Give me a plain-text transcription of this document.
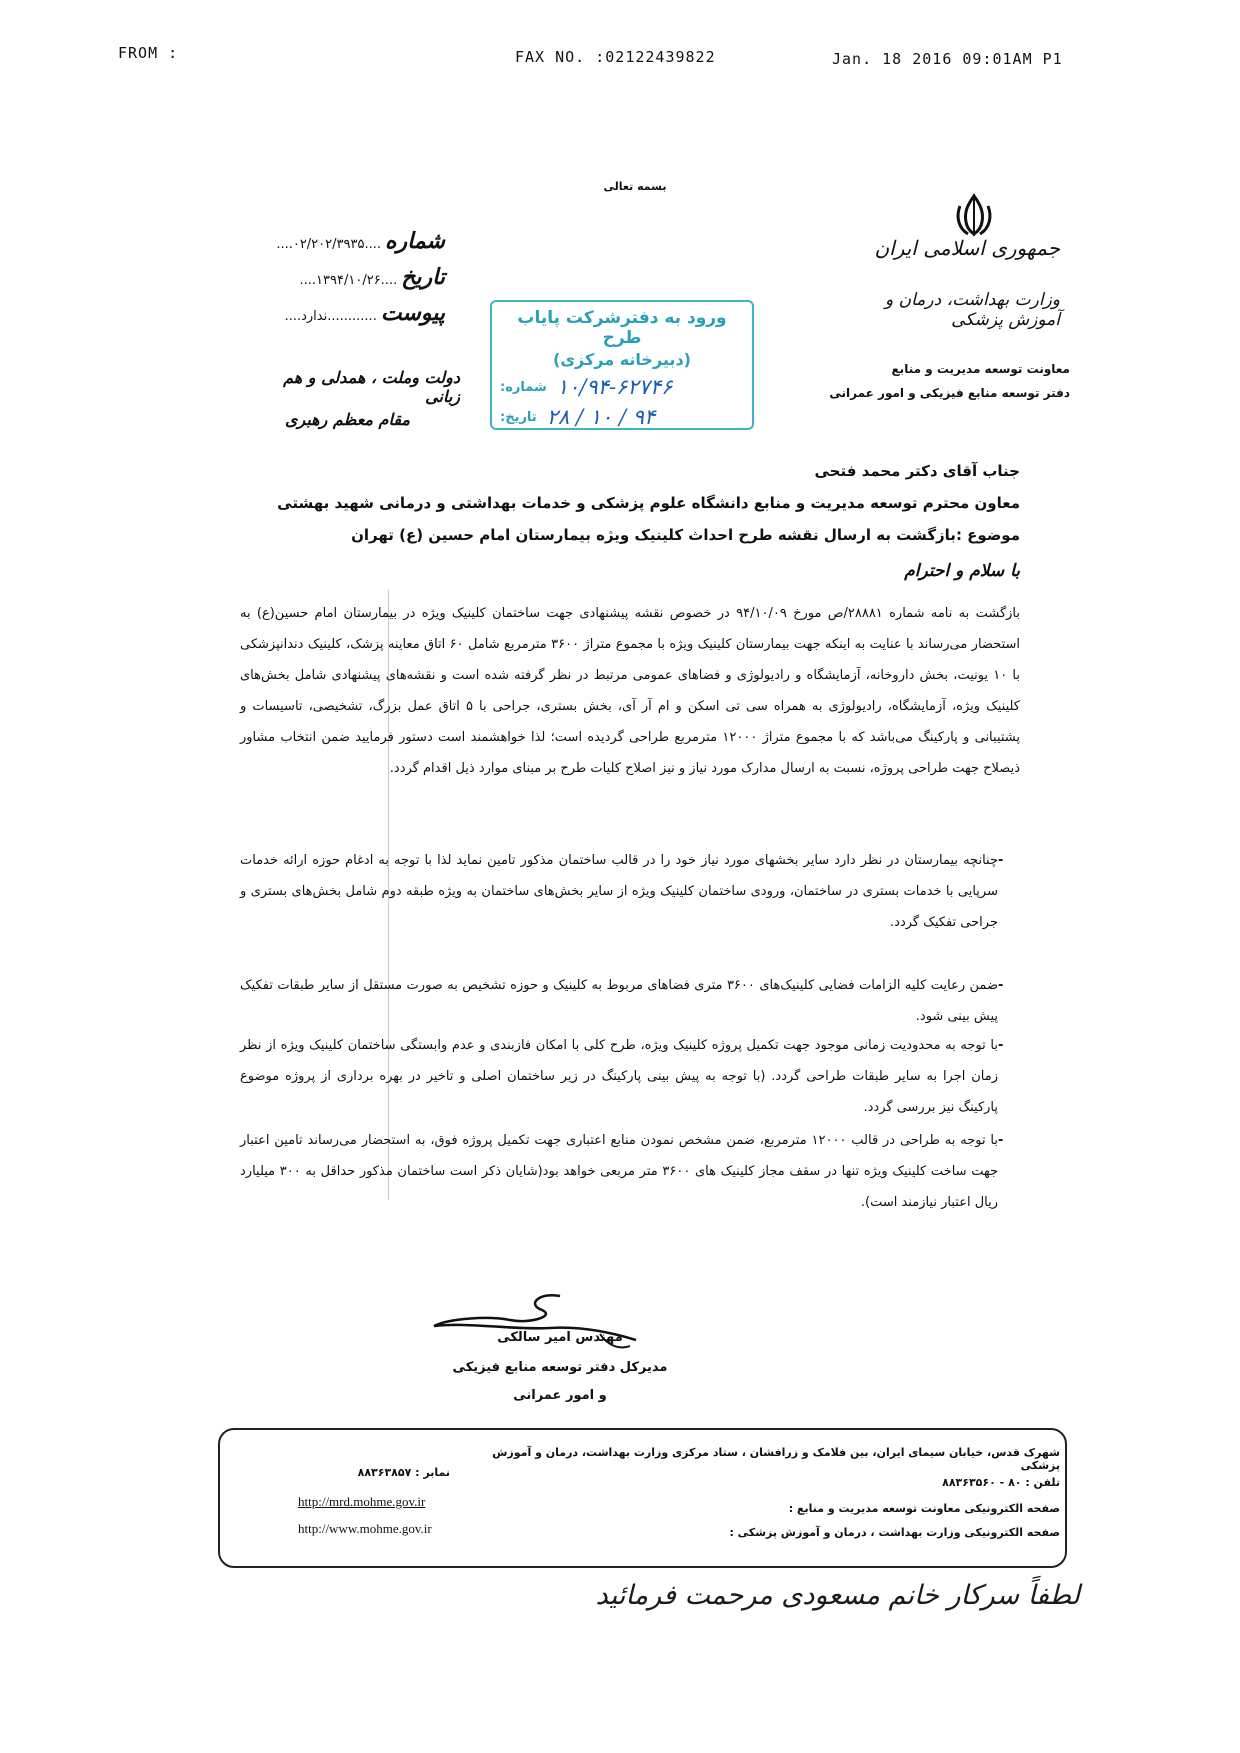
FROM :	FAX NO. :02122439822	Jan. 18 2016 09:01AM P1
بسمه تعالی
جمهوری اسلامی ایران
وزارت بهداشت، درمان و آموزش پزشکی
معاونت توسعه مدیریت و منابع
دفتر توسعه منابع فیزیکی و امور عمرانی
شماره
....۰۲/۲۰۲/۳۹۳۵....
تاریخ
....۱۳۹۴/۱۰/۲۶....
پیوست
....ندارد............	ورود به دفترشرکت پایاب طرح
(دبیرخانه مرکزی)
شماره: ۱۰/۹۴-۶۲۷۴۶
تاریخ: ۹۴ / ۱۰ / ۲۸
دولت وملت ، همدلی و هم زبانی
مقام معظم رهبری
جناب آقای دکتر محمد فتحی
معاون محترم توسعه مدیریت و منابع دانشگاه علوم پزشکی و خدمات بهداشتی و درمانی شهید بهشتی
موضوع :بازگشت به ارسال نقشه طرح احداث کلینیک ویژه بیمارستان امام حسین (ع) تهران
با سلام و احترام
بازگشت به نامه شماره ۲۸۸۸۱/ص مورخ ۹۴/۱۰/۰۹ در خصوص نقشه پیشنهادی جهت ساختمان کلینیک ویژه در بیمارستان امام حسین(ع) به استحضار می‌رساند با عنایت به اینکه جهت بیمارستان کلینیک ویژه با مجموع متراژ ۳۶۰۰ مترمربع شامل ۶۰ اتاق معاینه پزشک، کلینیک دندانپزشکی با ۱۰ یونیت، بخش داروخانه، آزمایشگاه و رادیولوژی و فضاهای عمومی مرتبط در نظر گرفته شده است و نقشه‌های پیشنهادی شامل بخش‌های کلینیک ویژه، آزمایشگاه، رادیولوژی به همراه سی تی اسکن و ام آر آی، بخش بستری، جراحی با ۵ اتاق عمل بزرگ، تشخیصی، تاسیسات و پشتیبانی و پارکینگ می‌باشد که با مجموع متراژ ۱۲۰۰۰ مترمربع طراحی گردیده است؛ لذا خواهشمند است دستور فرمایید ضمن انتخاب مشاور ذیصلاح جهت طراحی پروژه، نسبت به ارسال مدارک مورد نیاز و نیز اصلاح کلیات طرح بر مبنای موارد ذیل اقدام گردد.
-
چنانچه بیمارستان در نظر دارد سایر بخشهای مورد نیاز خود را در قالب ساختمان مذکور تامین نماید لذا با توجه به ادغام حوزه ارائه خدمات سرپایی با خدمات بستری در ساختمان، ورودی ساختمان کلینیک ویژه از سایر بخش‌های ساختمان به ویژه طبقه دوم شامل بخش‌های بستری و جراحی تفکیک گردد.
-
ضمن رعایت کلیه الزامات فضایی کلینیک‌های ۳۶۰۰ متری فضاهای مربوط به کلینیک و حوزه تشخیص به صورت مستقل از سایر طبقات تفکیک پیش بینی شود.
-
با توجه به محدودیت زمانی موجود جهت تکمیل پروژه کلینیک ویژه، طرح کلی با امکان فازبندی و عدم وابستگی ساختمان کلینیک ویژه از نظر زمان اجرا به سایر طبقات طراحی گردد. (با توجه به پیش بینی پارکینگ در زیر ساختمان اصلی و تاخیر در بهره برداری از پروژه موضوع پارکینگ نیز بررسی گردد.
-
با توجه به طراحی در قالب ۱۲۰۰۰ مترمربع، ضمن مشخص نمودن منابع اعتباری جهت تکمیل پروژه فوق، به استحضار می‌رساند تامین اعتبار جهت ساخت کلینیک ویژه تنها در سقف مجاز کلینیک های ۳۶۰۰ متر مربعی خواهد بود(شایان ذکر است ساختمان مذکور حداقل به ۳۰۰ میلیارد ریال اعتبار نیازمند است).
مهندس امیر سالکی
مدیرکل دفتر توسعه منابع فیزیکی
و امور عمرانی
شهرک قدس، خیابان سیمای ایران، بین فلامک و زرافشان ، ستاد مرکزی وزارت بهداشت، درمان و آموزش پزشکی
تلفن : ۸۰ - ۸۸۳۶۳۵۶۰
نمابر : ۸۸۳۶۳۸۵۷
صفحه الکترونیکی معاونت توسعه مدیریت و منابع :
صفحه الکترونیکی وزارت بهداشت ، درمان و آموزش پزشکی :
http://mrd.mohme.gov.ir
http://www.mohme.gov.ir
لطفاً سرکار خانم مسعودی مرحمت فرمائید
